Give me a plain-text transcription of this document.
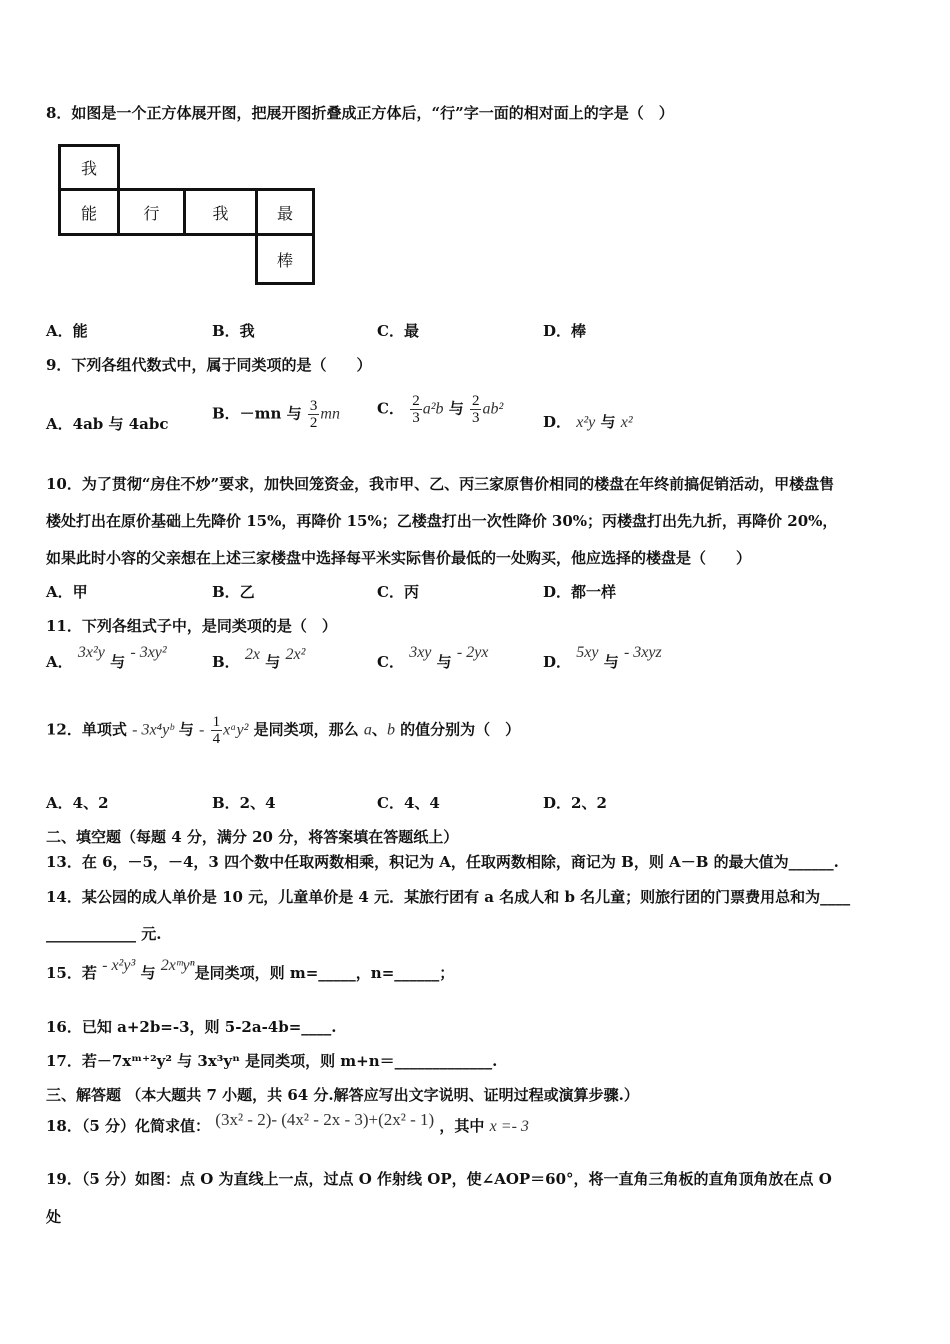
8．如图是一个正方体展开图，把展开图折叠成正方体后，“行”字一面的相对面上的字是（　）
我
能	行	我	最
棒
A．能	B．我	C．最	D．棒
9．下列各组代数式中，属于同类项的是（　　）
A．4ab 与 4abc
B．－mn 与 $\frac{3}{2}$ mn C． $\frac{2}{3} a^2b$ 与 $\frac{2}{3} ab^2$
D． x²y 与 x²
10．为了贯彻“房住不炒”要求，加快回笼资金，我市甲、乙、丙三家原售价相同的楼盘在年终前搞促销活动，甲楼盘售
楼处打出在原价基础上先降价 15%，再降价 15%；乙楼盘打出一次性降价 30%；丙楼盘打出先九折，再降价 20%，
如果此时小容的父亲想在上述三家楼盘中选择每平米实际售价最低的一处购买，他应选择的楼盘是（　　）
A．甲	B．乙	C．丙	D．都一样
11．下列各组式子中，是同类项的是（　）
A． 3x²y 与 - 3xy²
B． 2x 与 2x²	C． 3xy 与 - 2yx
D． 5xy 与 - 3xyz
12．单项式 - 3x⁴yᵇ 与 - $\frac{1}{4}$ xᵃy² 是同类项，那么 a、b 的值分别为（　）
A．4、2	B．2、4	C．4、4	D．2、2
二、填空题（每题 4 分，满分 20 分，将答案填在答题纸上）
13．在 6，－5，－4，3 四个数中任取两数相乘，积记为 A，任取两数相除，商记为 B，则 A－B 的最大值为______.
14．某公园的成人单价是 10 元，儿童单价是 4 元．某旅行团有 a 名成人和 b 名儿童；则旅行团的门票费用总和为____
____________ 元.
15．若 - x²y³ 与 2xᵐyⁿ是同类项，则 m=_____，n=______；
16．已知 a+2b=-3，则 5-2a-4b=____.
17．若－7xᵐ⁺²y² 与 3x³yⁿ 是同类项，则 m+n＝_____________.
三、解答题 （本大题共 7 小题，共 64 分.解答应写出文字说明、证明过程或演算步骤.）
18．（5 分）化简求值： (3x² - 2)- (4x² - 2x - 3)+(2x² - 1) ，其中 x =- 3
19．（5 分）如图：点 O 为直线上一点，过点 O 作射线 OP，使∠AOP＝60°，将一直角三角板的直角顶角放在点 O
处
